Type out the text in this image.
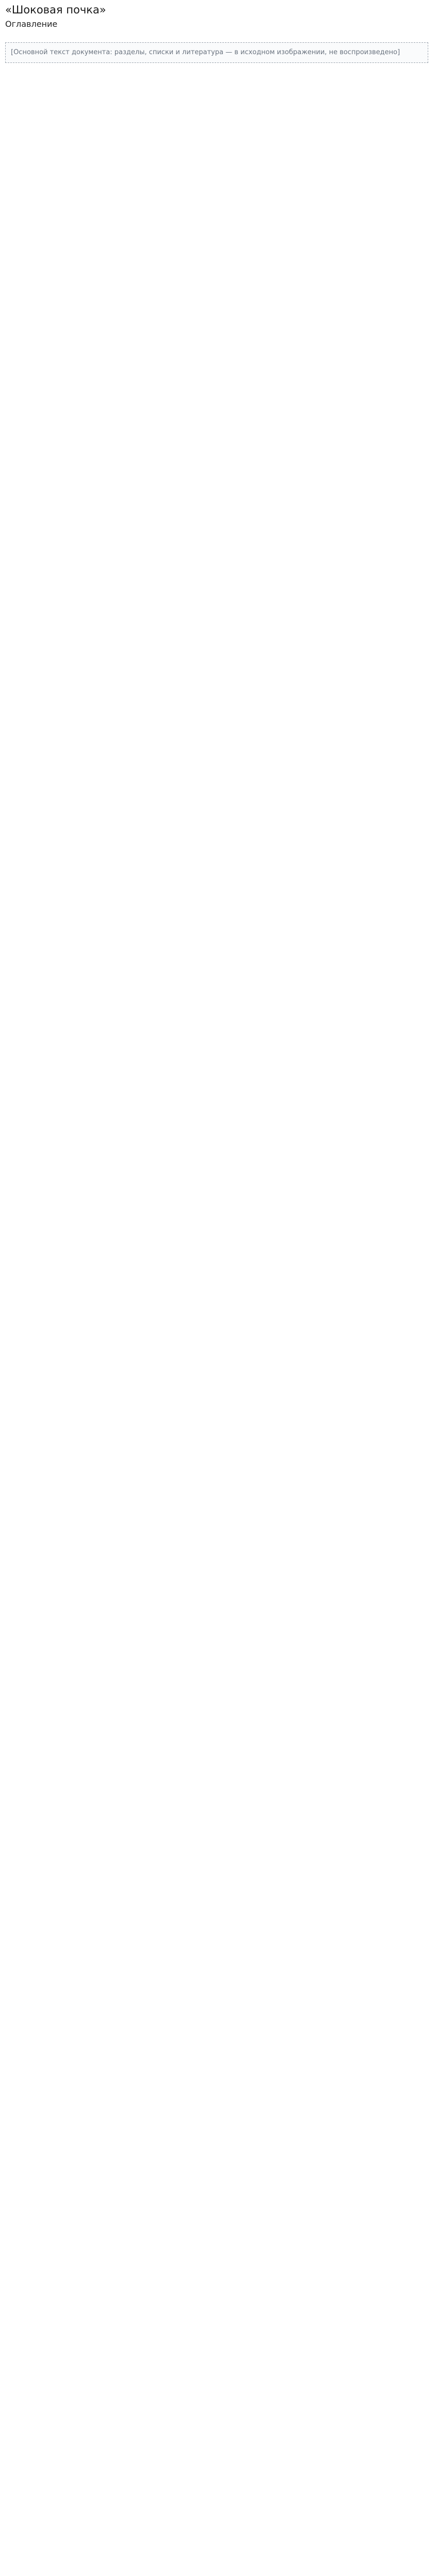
«Шоковая почка»
Оглавление
[Основной текст документа: разделы, списки и литература — в исходном изображении, не воспроизведено]
